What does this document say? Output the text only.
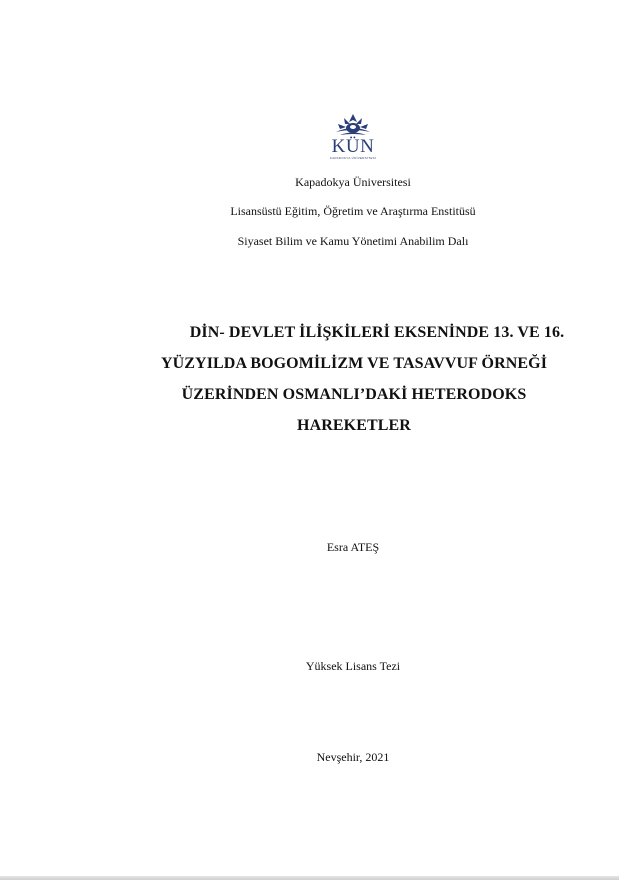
KÜN
KAPADOKYA ÜNİVERSİTESİ
Kapadokya Üniversitesi
Lisansüstü Eğitim, Öğretim ve Araştırma Enstitüsü
Siyaset Bilim ve Kamu Yönetimi Anabilim Dalı
DİN- DEVLET İLİŞKİLERİ EKSENİNDE 13. VE 16.
YÜZYILDA BOGOMİLİZM VE TASAVVUF ÖRNEĞİ
ÜZERİNDEN OSMANLI’DAKİ HETERODOKS
HAREKETLER
Esra ATEŞ
Yüksek Lisans Tezi
Nevşehir, 2021
